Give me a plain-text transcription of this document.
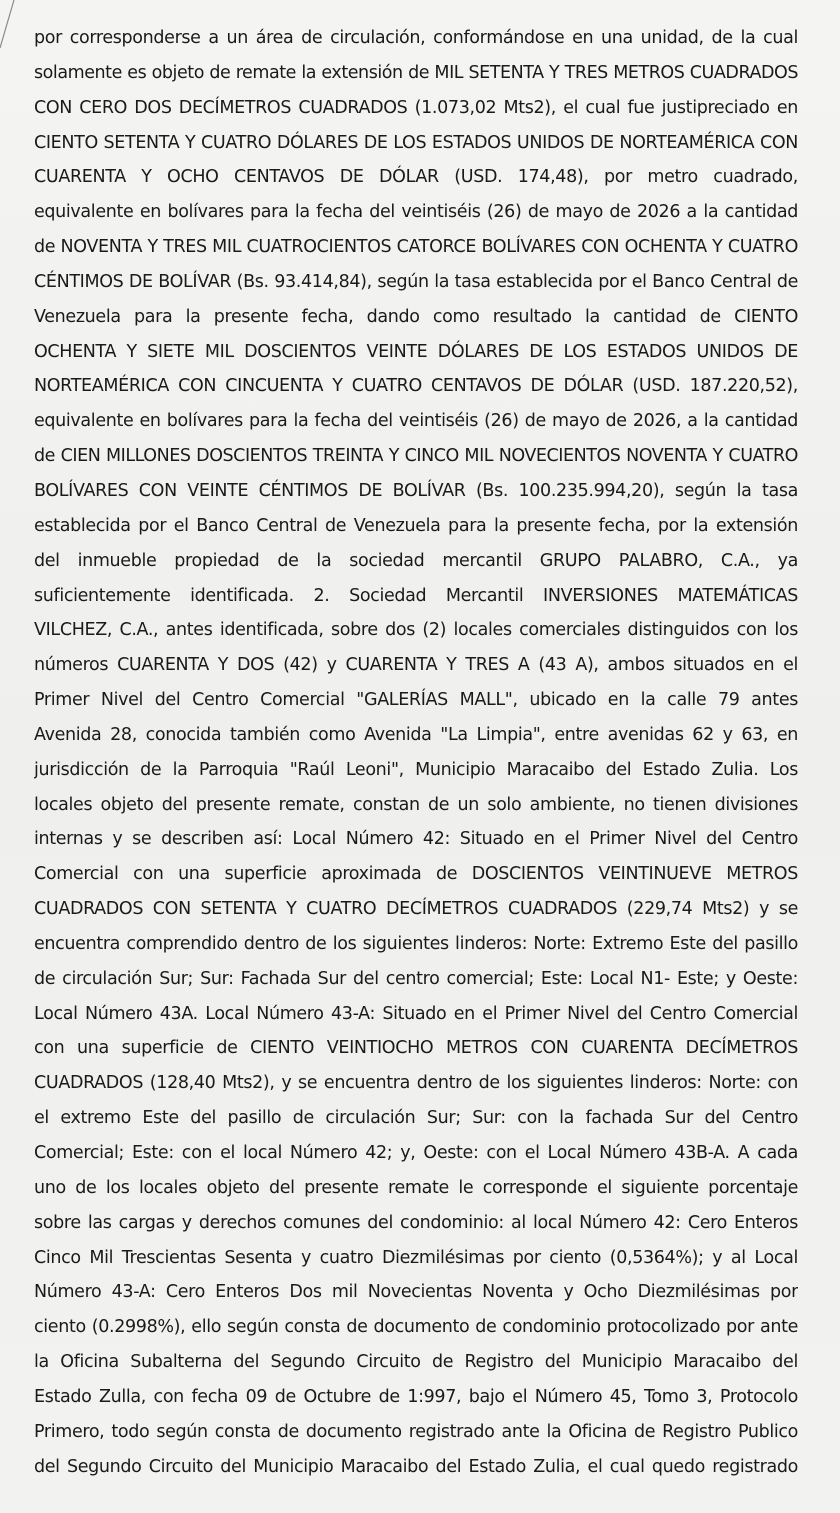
por corresponderse a un área de circulación, conformándose en una unidad, de la cual
solamente es objeto de remate la extensión de MIL SETENTA Y TRES METROS CUADRADOS
CON CERO DOS DECÍMETROS CUADRADOS (1.073,02 Mts2), el cual fue justipreciado en
CIENTO SETENTA Y CUATRO DÓLARES DE LOS ESTADOS UNIDOS DE NORTEAMÉRICA CON
CUARENTA Y OCHO CENTAVOS DE DÓLAR (USD. 174,48), por metro cuadrado,
equivalente en bolívares para la fecha del veintiséis (26) de mayo de 2026 a la cantidad
de NOVENTA Y TRES MIL CUATROCIENTOS CATORCE BOLÍVARES CON OCHENTA Y CUATRO
CÉNTIMOS DE BOLÍVAR (Bs. 93.414,84), según la tasa establecida por el Banco Central de
Venezuela para la presente fecha, dando como resultado la cantidad de CIENTO
OCHENTA Y SIETE MIL DOSCIENTOS VEINTE DÓLARES DE LOS ESTADOS UNIDOS DE
NORTEAMÉRICA CON CINCUENTA Y CUATRO CENTAVOS DE DÓLAR (USD. 187.220,52),
equivalente en bolívares para la fecha del veintiséis (26) de mayo de 2026, a la cantidad
de CIEN MILLONES DOSCIENTOS TREINTA Y CINCO MIL NOVECIENTOS NOVENTA Y CUATRO
BOLÍVARES CON VEINTE CÉNTIMOS DE BOLÍVAR (Bs. 100.235.994,20), según la tasa
establecida por el Banco Central de Venezuela para la presente fecha, por la extensión
del inmueble propiedad de la sociedad mercantil GRUPO PALABRO, C.A., ya
suficientemente identificada. 2. Sociedad Mercantil INVERSIONES MATEMÁTICAS
VILCHEZ, C.A., antes identificada, sobre dos (2) locales comerciales distinguidos con los
números CUARENTA Y DOS (42) y CUARENTA Y TRES A (43 A), ambos situados en el
Primer Nivel del Centro Comercial "GALERÍAS MALL", ubicado en la calle 79 antes
Avenida 28, conocida también como Avenida "La Limpia", entre avenidas 62 y 63, en
jurisdicción de la Parroquia "Raúl Leoni", Municipio Maracaibo del Estado Zulia. Los
locales objeto del presente remate, constan de un solo ambiente, no tienen divisiones
internas y se describen así: Local Número 42: Situado en el Primer Nivel del Centro
Comercial con una superficie aproximada de DOSCIENTOS VEINTINUEVE METROS
CUADRADOS CON SETENTA Y CUATRO DECÍMETROS CUADRADOS (229,74 Mts2) y se
encuentra comprendido dentro de los siguientes linderos: Norte: Extremo Este del pasillo
de circulación Sur; Sur: Fachada Sur del centro comercial; Este: Local N1- Este; y Oeste:
Local Número 43A. Local Número 43-A: Situado en el Primer Nivel del Centro Comercial
con una superficie de CIENTO VEINTIOCHO METROS CON CUARENTA DECÍMETROS
CUADRADOS (128,40 Mts2), y se encuentra dentro de los siguientes linderos: Norte: con
el extremo Este del pasillo de circulación Sur; Sur: con la fachada Sur del Centro
Comercial; Este: con el local Número 42; y, Oeste: con el Local Número 43B-A. A cada
uno de los locales objeto del presente remate le corresponde el siguiente porcentaje
sobre las cargas y derechos comunes del condominio: al local Número 42: Cero Enteros
Cinco Mil Trescientas Sesenta y cuatro Diezmilésimas por ciento (0,5364%); y al Local
Número 43-A: Cero Enteros Dos mil Novecientas Noventa y Ocho Diezmilésimas por
ciento (0.2998%), ello según consta de documento de condominio protocolizado por ante
la Oficina Subalterna del Segundo Circuito de Registro del Municipio Maracaibo del
Estado Zulla, con fecha 09 de Octubre de 1:997, bajo el Número 45, Tomo 3, Protocolo
Primero, todo según consta de documento registrado ante la Oficina de Registro Publico
del Segundo Circuito del Municipio Maracaibo del Estado Zulia, el cual quedo registrado
